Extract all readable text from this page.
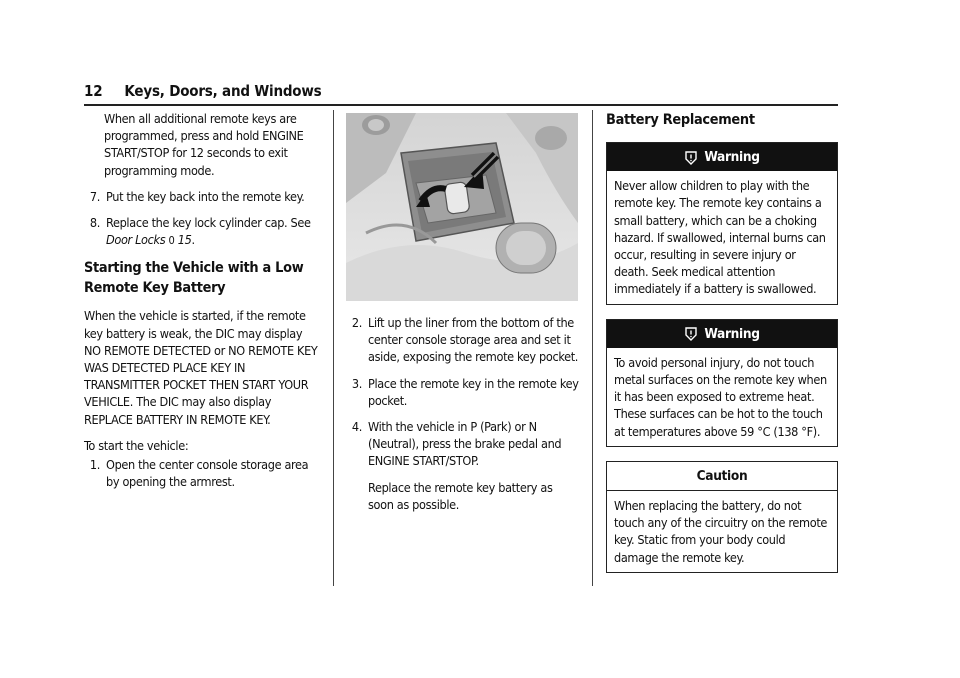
12 Keys, Doors, and Windows

When all additional remote keys are programmed, press and hold ENGINE START/STOP for 12 seconds to exit programming mode.

7. Put the key back into the remote key.
8. Replace the key lock cylinder cap. See
Door Locks 0 15.
Starting the Vehicle with a Low Remote Key Battery

When the vehicle is started, if the remote key battery is weak, the DIC may display NO REMOTE DETECTED or NO REMOTE KEY WAS DETECTED PLACE KEY IN TRANSMITTER POCKET THEN START YOUR VEHICLE. The DIC may also display REPLACE BATTERY IN REMOTE KEY.

To start the vehicle:

1. Open the center console storage area by opening the armrest.
2. Lift up the liner from the bottom of the center console storage area and set it aside, exposing the remote key pocket.
3. Place the remote key in the remote key pocket.
4. With the vehicle in P (Park) or N (Neutral), press the brake pedal and ENGINE START/STOP.

Replace the remote key battery as soon as possible.

Battery Replacement
Warning
Never allow children to play with the remote key. The remote key contains a small battery, which can be a choking hazard. If swallowed, internal burns can occur, resulting in severe injury or death. Seek medical attention immediately if a battery is swallowed.
Warning
To avoid personal injury, do not touch metal surfaces on the remote key when it has been exposed to extreme heat. These surfaces can be hot to the touch at temperatures above 59 °C (138 °F).
Caution
When replacing the battery, do not touch any of the circuitry on the remote key. Static from your body could damage the remote key.
